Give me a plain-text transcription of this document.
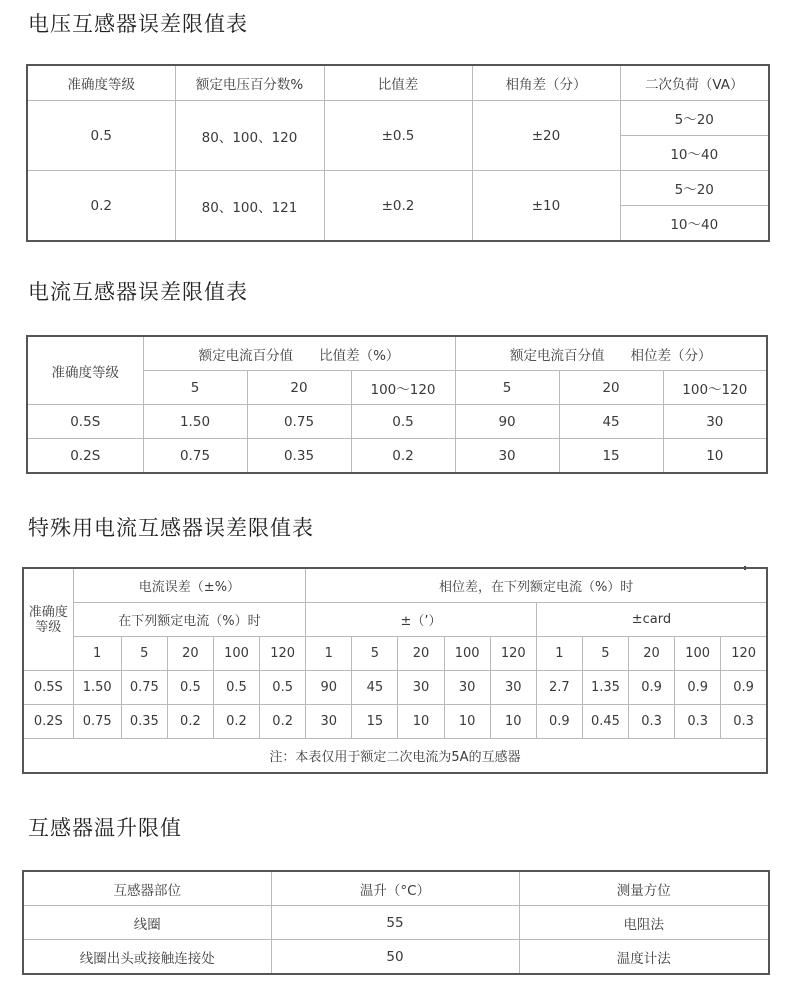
电压互感器误差限值表
准确度等级	额定电压百分数%	比值差	相角差（分）	二次负荷（VA）
0.5	80、100、120	±0.5	±20	5～20
				10～40
0.2	80、100、121	±0.2	±10	5～20
				10～40
电流互感器误差限值表
准确度等级	额定电流百分值 比值差（%）			额定电流百分值 相位差（分）		
	5	20	100～120	5	20	100～120
0.5S	1.50	0.75	0.5	90	45	30
0.2S	0.75	0.35	0.2	30	15	10
特殊用电流互感器误差限值表
准确度等级	电流误差（±%）					相位差，在下列额定电流（%）时									
	在下列额定电流（%）时					±（’）					±card				
	1	5	20	100	120	1	5	20	100	120	1	5	20	100	120
0.5S	1.50	0.75	0.5	0.5	0.5	90	45	30	30	30	2.7	1.35	0.9	0.9	0.9
0.2S	0.75	0.35	0.2	0.2	0.2	30	15	10	10	10	0.9	0.45	0.3	0.3	0.3
注：本表仅用于额定二次电流为5A的互感器															
互感器温升限值
互感器部位	温升（°C）	测量方位
线圈	55	电阻法
线圈出头或接触连接处	50	温度计法
